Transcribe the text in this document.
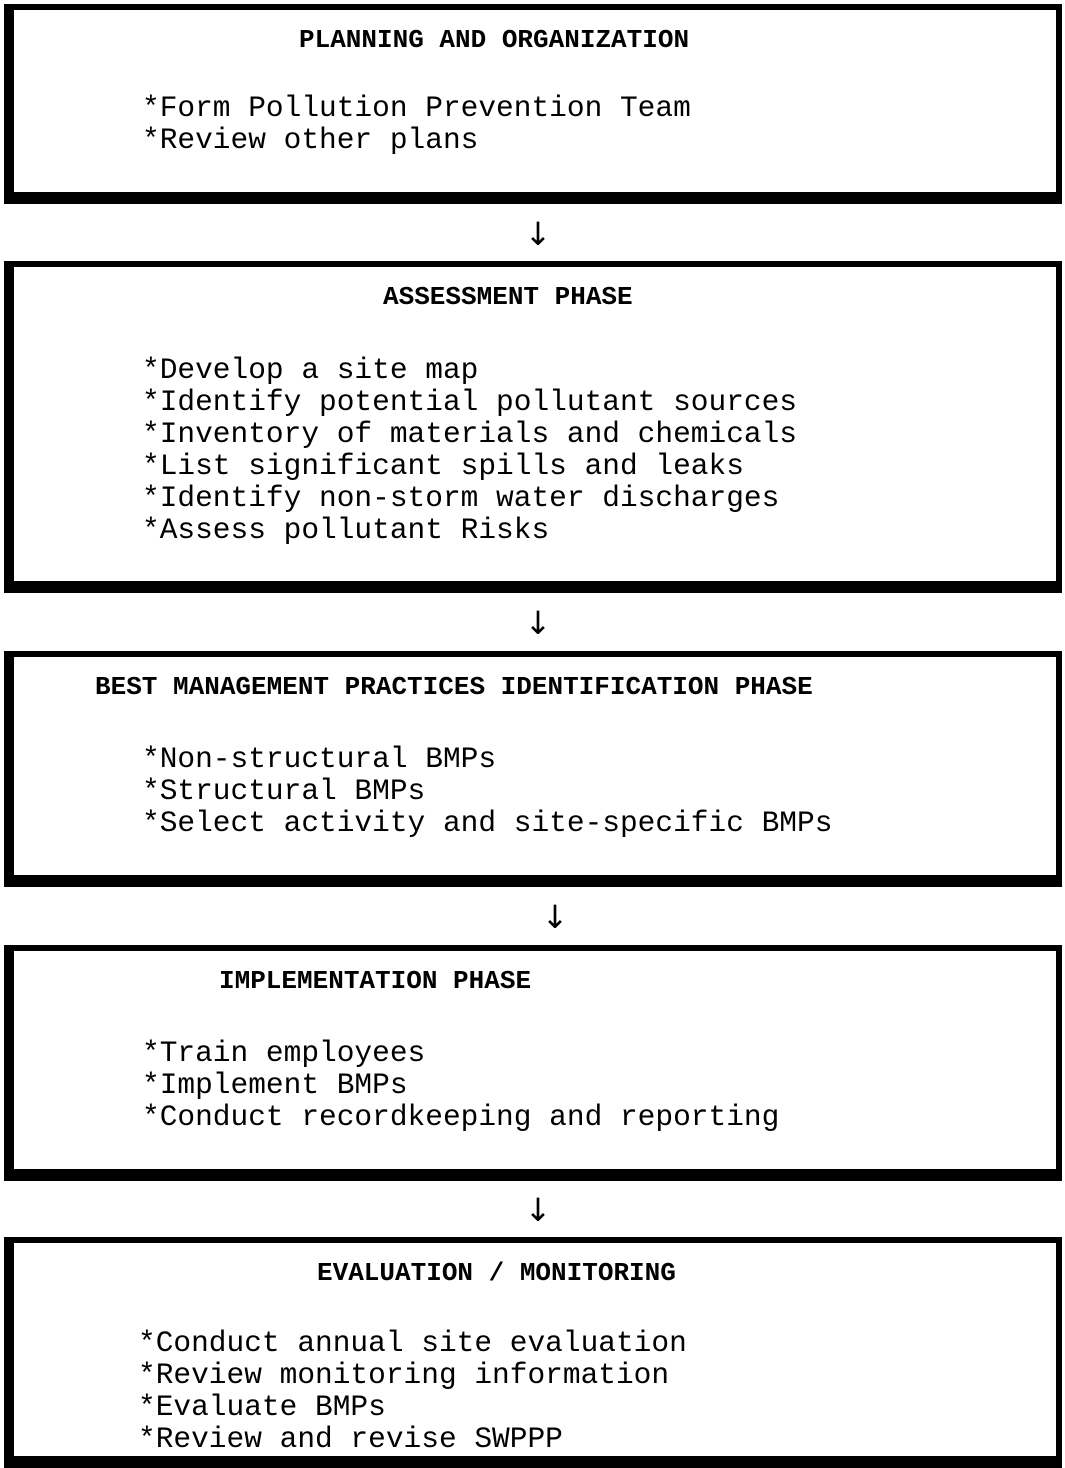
PLANNING AND ORGANIZATION
*Form Pollution Prevention Team
*Review other plans
↓
ASSESSMENT PHASE
*Develop a site map
*Identify potential pollutant sources
*Inventory of materials and chemicals
*List significant spills and leaks
*Identify non-storm water discharges
*Assess pollutant Risks
↓
BEST MANAGEMENT PRACTICES IDENTIFICATION PHASE
*Non-structural BMPs
*Structural BMPs
*Select activity and site-specific BMPs
↓
IMPLEMENTATION PHASE
*Train employees
*Implement BMPs
*Conduct recordkeeping and reporting
↓
EVALUATION / MONITORING
*Conduct annual site evaluation
*Review monitoring information
*Evaluate BMPs
*Review and revise SWPPP
